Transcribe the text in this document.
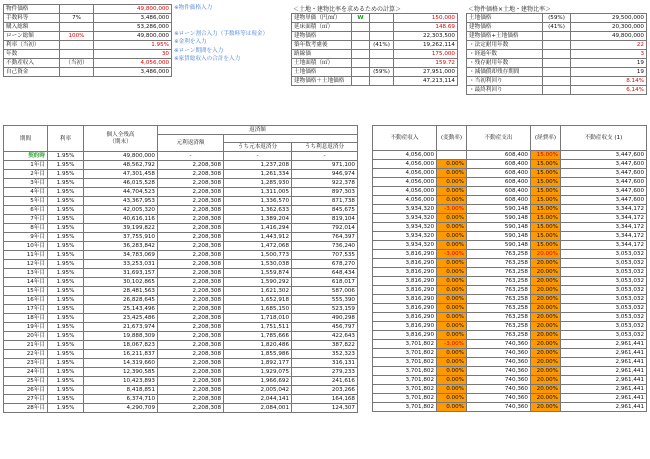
物件価格		49,800,000
手数料等	7%	3,486,000
購入総額		53,286,000
ローン総額	100%	49,800,000
利率（当初）		1.95%
年数		30
不動産収入	（当初）	4,056,000
自己資金		3,486,000
※物件価格入力
※ローン割合入力（手数料等は現金）
※金利を入力
※ローン期間を入力
※家賃総収入の合計を入力
＜土地・建物比率を求めるための計算＞
建物単価（円/㎡）	W		150,000
延床面積（㎡）			148.69
建物価格			22,303,500
築年数考慮後		(41%)	19,262,114
路線価			175,000
土地面積（㎡）			159.72
土地価格		(59%)	27,951,000
建物価格＋土地価格			47,213,114
＜物件価格×土地・建物比率＞
土地価格	(59%)	29,500,000
建物価格	(41%)	20,300,000
建物価格+土地価格		49,800,000
・法定耐用年数		22
・経過年数		3
・残存耐用年数		19
・減価償却残存期間		19
・当初利回り		8.14%
・最終利回り		6.14%
期間	利率	個人全残高
（期末）	返済額		
			元利返済額		
				うち元本返済分	うち利息返済分
契約時	1.95%	49,800,000	-	-	-
1年目	1.95%	48,562,792	2,208,308	1,237,208	971,100
2年目	1.95%	47,301,458	2,208,308	1,261,334	946,974
3年目	1.95%	46,015,528	2,208,308	1,285,930	922,378
4年目	1.95%	44,704,523	2,208,308	1,311,005	897,303
5年目	1.95%	43,367,953	2,208,308	1,336,570	871,738
6年目	1.95%	42,005,320	2,208,308	1,362,633	845,675
7年目	1.95%	40,616,116	2,208,308	1,389,204	819,104
8年目	1.95%	39,199,822	2,208,308	1,416,294	792,014
9年目	1.95%	37,755,910	2,208,308	1,443,912	764,397
10年目	1.95%	36,283,842	2,208,308	1,472,068	736,240
11年目	1.95%	34,783,069	2,208,308	1,500,773	707,535
12年目	1.95%	33,253,031	2,208,308	1,530,038	678,270
13年目	1.95%	31,693,157	2,208,308	1,559,874	648,434
14年目	1.95%	30,102,865	2,208,308	1,590,292	618,017
15年目	1.95%	28,481,563	2,208,308	1,621,302	587,006
16年目	1.95%	26,828,645	2,208,308	1,652,918	555,390
17年目	1.95%	25,143,496	2,208,308	1,685,150	523,159
18年目	1.95%	23,425,486	2,208,308	1,718,010	490,298
19年目	1.95%	21,673,974	2,208,308	1,751,511	456,797
20年目	1.95%	19,888,309	2,208,308	1,785,666	422,643
21年目	1.95%	18,067,823	2,208,308	1,820,486	387,822
22年目	1.95%	16,211,837	2,208,308	1,855,986	352,323
23年目	1.95%	14,319,660	2,208,308	1,892,177	316,131
24年目	1.95%	12,390,585	2,208,308	1,929,075	279,233
25年目	1.95%	10,423,893	2,208,308	1,966,692	241,616
26年目	1.95%	8,418,851	2,208,308	2,005,042	203,266
27年目	1.95%	6,374,710	2,208,308	2,044,141	164,168
28年目	1.95%	4,290,709	2,208,308	2,084,001	124,307
不動産収入	(変動率)	不動産支出	(経費率)	不動産収支 (1)
4,056,000		608,400	15.00%	3,447,600
4,056,000	0.00%	608,400	15.00%	3,447,600
4,056,000	0.00%	608,400	15.00%	3,447,600
4,056,000	0.00%	608,400	15.00%	3,447,600
4,056,000	0.00%	608,400	15.00%	3,447,600
4,056,000	0.00%	608,400	15.00%	3,447,600
3,934,320	-3.00%	590,148	15.00%	3,344,172
3,934,320	0.00%	590,148	15.00%	3,344,172
3,934,320	0.00%	590,148	15.00%	3,344,172
3,934,320	0.00%	590,148	15.00%	3,344,172
3,934,320	0.00%	590,148	15.00%	3,344,172
3,816,290	-3.00%	763,258	20.00%	3,053,032
3,816,290	0.00%	763,258	20.00%	3,053,032
3,816,290	0.00%	763,258	20.00%	3,053,032
3,816,290	0.00%	763,258	20.00%	3,053,032
3,816,290	0.00%	763,258	20.00%	3,053,032
3,816,290	0.00%	763,258	20.00%	3,053,032
3,816,290	0.00%	763,258	20.00%	3,053,032
3,816,290	0.00%	763,258	20.00%	3,053,032
3,816,290	0.00%	763,258	20.00%	3,053,032
3,816,290	0.00%	763,258	20.00%	3,053,032
3,701,802	-3.00%	740,360	20.00%	2,961,441
3,701,802	0.00%	740,360	20.00%	2,961,441
3,701,802	0.00%	740,360	20.00%	2,961,441
3,701,802	0.00%	740,360	20.00%	2,961,441
3,701,802	0.00%	740,360	20.00%	2,961,441
3,701,802	0.00%	740,360	20.00%	2,961,441
3,701,802	0.00%	740,360	20.00%	2,961,441
3,701,802	0.00%	740,360	20.00%	2,961,441
